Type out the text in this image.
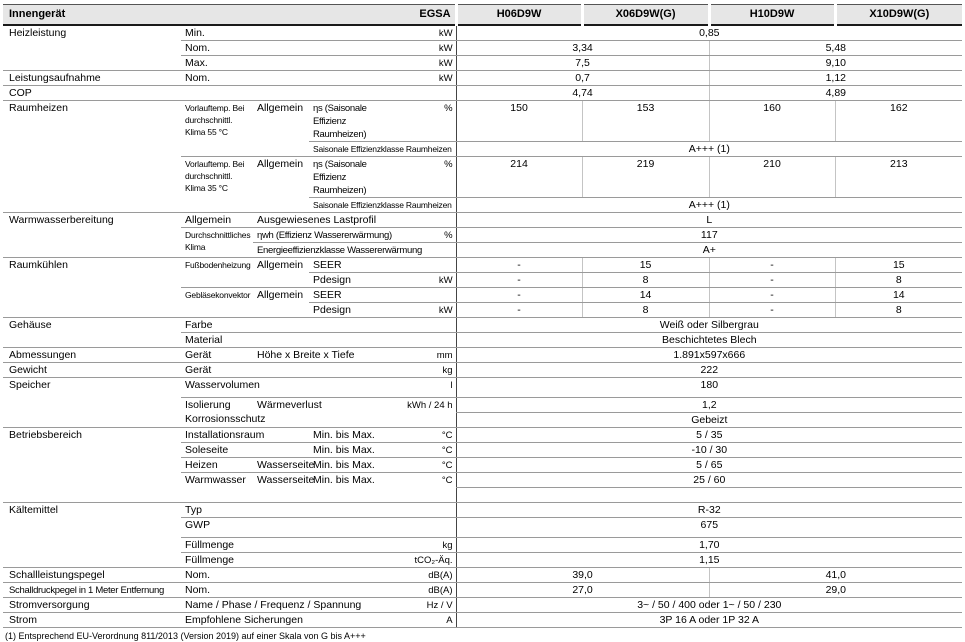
Innengerät				EGSA	H06D9W	X06D9W(G)	H10D9W	X10D9W(G)
Heizleistung	Min.			kW	0,85			
	Nom.			kW	3,34		5,48	
	Max.			kW	7,5		9,10	
Leistungsaufnahme	Nom.			kW	0,7		1,12	
COP					4,74		4,89	
Raumheizen	Vorlauftemp. Bei durchschnittl. Klima 55 °C	Allgemein	ηs (Saisonale Effizienz Raumheizen)	%	150	153	160	162
			Saisonale Effizienzklasse Raumheizen		A+++ (1)			
	Vorlauftemp. Bei durchschnittl. Klima 35 °C	Allgemein	ηs (Saisonale Effizienz Raumheizen)	%	214	219	210	213
			Saisonale Effizienzklasse Raumheizen		A+++ (1)			
Warmwasserbereitung	Allgemein	Ausgewiesenes Lastprofil			L			
	Durchschnittliches Klima	ηwh (Effizienz Wassererwärmung)		%	117			
		Energieeffizienzklasse Wassererwärmung			A+			
Raumkühlen	Fußbodenheizung	Allgemein	SEER		-	15	-	15
			Pdesign	kW	-	8	-	8
	Gebläsekonvektor	Allgemein	SEER		-	14	-	14
			Pdesign	kW	-	8	-	8
Gehäuse	Farbe				Weiß oder Silbergrau			
	Material				Beschichtetes Blech			
Abmessungen	Gerät	Höhe x Breite x Tiefe		mm	1.891x597x666			
Gewicht	Gerät			kg	222			
Speicher	Wasservolumen			l	180			
	Isolierung	Wärmeverlust		kWh / 24 h	1,2			
	Korrosionsschutz				Gebeizt			
Betriebsbereich	Installationsraum		Min. bis Max.	°C	5 / 35			
	Soleseite		Min. bis Max.	°C	-10 / 30			
	Heizen	Wasserseite	Min. bis Max.	°C	5 / 65			
	Warmwasser	Wasserseite	Min. bis Max.	°C	25 / 60			

Kältemittel	Typ				R-32			
	GWP				675			
	Füllmenge			kg	1,70			
	Füllmenge			tCO₂-Äq.	1,15			
Schallleistungspegel	Nom.			dB(A)	39,0		41,0	
Schalldruckpegel in 1 Meter Entfernung	Nom.			dB(A)	27,0		29,0	
Stromversorgung	Name / Phase / Frequenz / Spannung			Hz / V	3~ / 50 / 400 oder 1~ / 50 / 230			
Strom	Empfohlene Sicherungen			A	3P 16 A oder 1P 32 A			
(1) Entsprechend EU-Verordnung 811/2013 (Version 2019) auf einer Skala von G bis A+++
